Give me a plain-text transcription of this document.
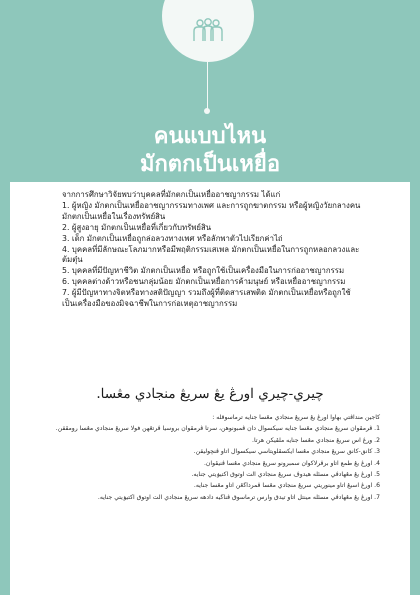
คนแบบไหน
มักตกเป็นเหยื่อ

จากการศึกษาวิจัยพบว่าบุคคลที่มักตกเป็นเหยื่ออาชญากรรม ได้แก่

1. ผู้หญิง มักตกเป็นเหยื่ออาชญากรรมทางเพศ และการถูกฆาตกรรม หรือผู้หญิงวัยกลางคนมักตกเป็นเหยื่อในเรื่องทรัพย์สิน

2. ผู้สูงอายุ มักตกเป็นเหยื่อที่เกี่ยวกับทรัพย์สิน

3. เด็ก มักตกเป็นเหยื่อถูกล่อลวงทางเพศ หรือลักพาตัวไปเรียกค่าไถ่

4. บุคคลที่มีลักษณะโลภมากหรือมีพฤติกรรมเสเพล มักตกเป็นเหยื่อในการถูกหลอกลวงและต้มตุ๋น

5. บุคคลที่มีปัญหาชีวิต มักตกเป็นเหยื่อ หรือถูกใช้เป็นเครื่องมือในการก่ออาชญากรรม

6. บุคคลต่างด้าวหรือชนกลุ่มน้อย มักตกเป็นเหยื่อการค้ามนุษย์ หรือเหยื่ออาชญากรรม

7. ผู้มีปัญหาทางจิตหรือทางสติปัญญา รวมถึงผู้ที่ติดสารเสพติด มักตกเป็นเหยื่อหรือถูกใช้เป็นเครื่องมือของมิจฉาชีพในการก่อเหตุอาชญากรรม

چيري-چيري اورڠ يڠ سريڠ منجادي مڠسا.

کاجين منداڤتي بهاوا اورڠ يڠ سريڠ منجادي مڠسا جنايه ترماسوقله :

1. ڤرمڤوان سريڠ منجادي مڠسا جنايه سيکسوال دان ڤمبونوهن، سرتا ڤرمڤوان بروسيا ڤرتڠهن فولا سريڠ منجادي مڠسا رومڤقن.

2. ورڠ اس سريڠ منجادي مڠسا جنايه ملڤيکن هرتا.

3. کانق-کانق سريڠ منجادي مڠسا ايکسڤلويتاسي سيکسوال اتاو ڤنچوليقن.

4. اورڠ يڠ طمع اتاو برڤرلاکوان سمبرونو سريڠ منجادي مڠسا ڤنيڤوان.

5. اورڠ يڠ مڠهادڤي مسئله هيدوڤ سريڠ منجادي الت اوتوق اکتيۏيتي جنايه.

6. اورڠ اسيڠ اتاو مينوريتي سريڠ منجادي مڠسا ڤمرداڬڠن اتاو مڠسا جنايه.

7. اورڠ يڠ مڠهادڤي مسئله مينتل اتاو تيدق وارس ترماسوق ڤناڬيه دادهه سريڠ منجادي الت اوتوق اکتيۏيتي جنايه.
